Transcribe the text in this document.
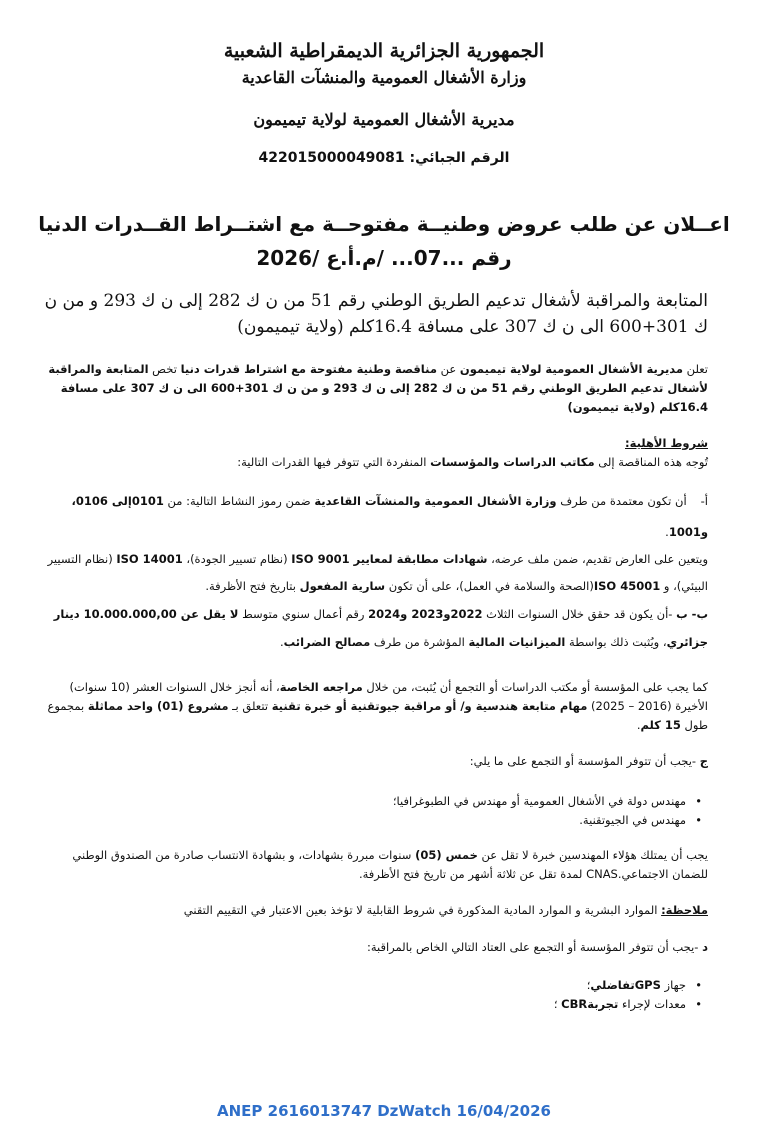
الجمهورية الجزائرية الديمقراطية الشعبية
وزارة الأشغال العمومية والمنشآت القاعدية
مديرية الأشغال العمومية لولاية تيميمون
الرقم الجبائي: 422015000049081
اعــلان عن طلب عروض وطنيــة مفتوحــة مع اشتــراط القــدرات الدنيا
رقم ...07... /م.أ.ع /2026
المتابعة والمراقبة لأشغال تدعيم الطريق الوطني رقم 51 من ن ك 282 إلى ن ك 293 و من ن ك 301+600 الى ن ك 307 على مسافة 16.4كلم (ولاية تيميمون)
تعلن مديرية الأشغال العمومية لولاية تيميمون عن مناقصة وطنية مفتوحة مع اشتراط قدرات دنيا تخص المتابعة والمراقبة لأشغال تدعيم الطريق الوطني رقم 51 من ن ك 282 إلى ن ك 293 و من ن ك 301+600 الى ن ك 307 على مسافة 16.4كلم (ولاية تيميمون)
شروط الأهلية:
تُوجه هذه المناقصة إلى مكاتب الدراسات والمؤسسات المنفردة التي تتوفر فيها القدرات التالية:
أ-أن تكون معتمدة من طرف وزارة الأشغال العمومية والمنشآت القاعدية ضمن رموز النشاط التالية: من 0101إلى 0106، و1001.
ويتعين على العارض تقديم، ضمن ملف عرضه، شهادات مطابقة لمعايير ISO 9001 (نظام تسيير الجودة)، ISO 14001 (نظام التسيير البيئي)، و ISO 45001(الصحة والسلامة في العمل)، على أن تكون سارية المفعول بتاريخ فتح الأظرفة.
ب- ب -أن يكون قد حقق خلال السنوات الثلاث 2022و2023 و2024 رقم أعمال سنوي متوسط لا يقل عن 10.000.000,00 دينار جزائري، ويُثبت ذلك بواسطة الميزانيات المالية المؤشرة من طرف مصالح الضرائب.
كما يجب على المؤسسة أو مكتب الدراسات أو التجمع أن يُثبت، من خلال مراجعه الخاصة، أنه أنجز خلال السنوات العشر (10 سنوات) الأخيرة (2016 – 2025) مهام متابعة هندسية و/ أو مراقبة جيوتقنية أو خبرة تقنية تتعلق بـ مشروع (01) واحد مماثلة بمجموع طول 15 كلم.
ج -يجب أن تتوفر المؤسسة أو التجمع على ما يلي:
• مهندس دولة في الأشغال العمومية أو مهندس في الطبوغرافيا؛
• مهندس في الجيوتقنية.
يجب أن يمتلك هؤلاء المهندسين خبرة لا تقل عن خمس (05) سنوات مبررة بشهادات، و بشهادة الانتساب صادرة من الصندوق الوطني للضمان الاجتماعي.CNAS لمدة تقل عن ثلاثة أشهر من تاريخ فتح الأظرفة.
ملاحظة: الموارد البشرية و الموارد المادية المذكورة في شروط القابلية لا تؤخذ بعين الاعتبار في التقييم التقني
د -يجب أن تتوفر المؤسسة أو التجمع على العتاد التالي الخاص بالمراقبة:
• جهاز GPSتفاضلي؛
• معدات لإجراء تجربةCBR ؛
ANEP 2616013747 DzWatch 16/04/2026
